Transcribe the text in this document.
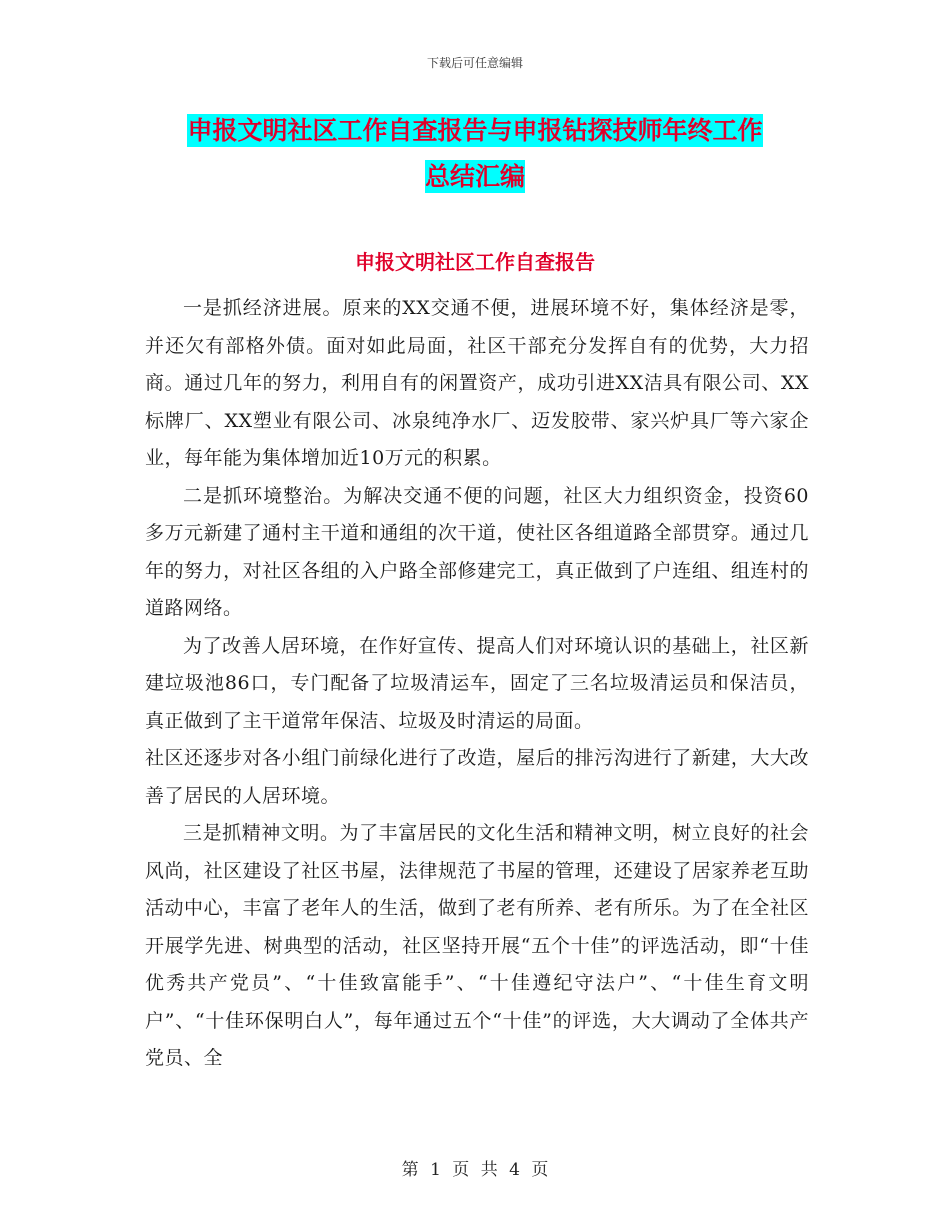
下载后可任意编辑
申报文明社区工作自查报告与申报钻探技师年终工作
总结汇编
申报文明社区工作自查报告

一是抓经济进展。原来的XX交通不便，进展环境不好，集体经济是零，并还欠有部格外债。面对如此局面，社区干部充分发挥自有的优势，大力招商。通过几年的努力，利用自有的闲置资产，成功引进XX洁具有限公司、XX标牌厂、XX塑业有限公司、冰泉纯净水厂、迈发胶带、家兴炉具厂等六家企业，每年能为集体增加近10万元的积累。

二是抓环境整治。为解决交通不便的问题，社区大力组织资金，投资60多万元新建了通村主干道和通组的次干道，使社区各组道路全部贯穿。通过几年的努力，对社区各组的入户路全部修建完工，真正做到了户连组、组连村的道路网络。

为了改善人居环境，在作好宣传、提高人们对环境认识的基础上，社区新建垃圾池86口，专门配备了垃圾清运车，固定了三名垃圾清运员和保洁员，真正做到了主干道常年保洁、垃圾及时清运的局面。

社区还逐步对各小组门前绿化进行了改造，屋后的排污沟进行了新建，大大改善了居民的人居环境。

三是抓精神文明。为了丰富居民的文化生活和精神文明，树立良好的社会风尚，社区建设了社区书屋，法律规范了书屋的管理，还建设了居家养老互助活动中心，丰富了老年人的生活，做到了老有所养、老有所乐。为了在全社区开展学先进、树典型的活动，社区坚持开展“五个十佳”的评选活动，即“十佳优秀共产党员”、“十佳致富能手”、“十佳遵纪守法户”、“十佳生育文明户”、“十佳环保明白人”，每年通过五个“十佳”的评选，大大调动了全体共产党员、全

第 1 页 共 4 页
